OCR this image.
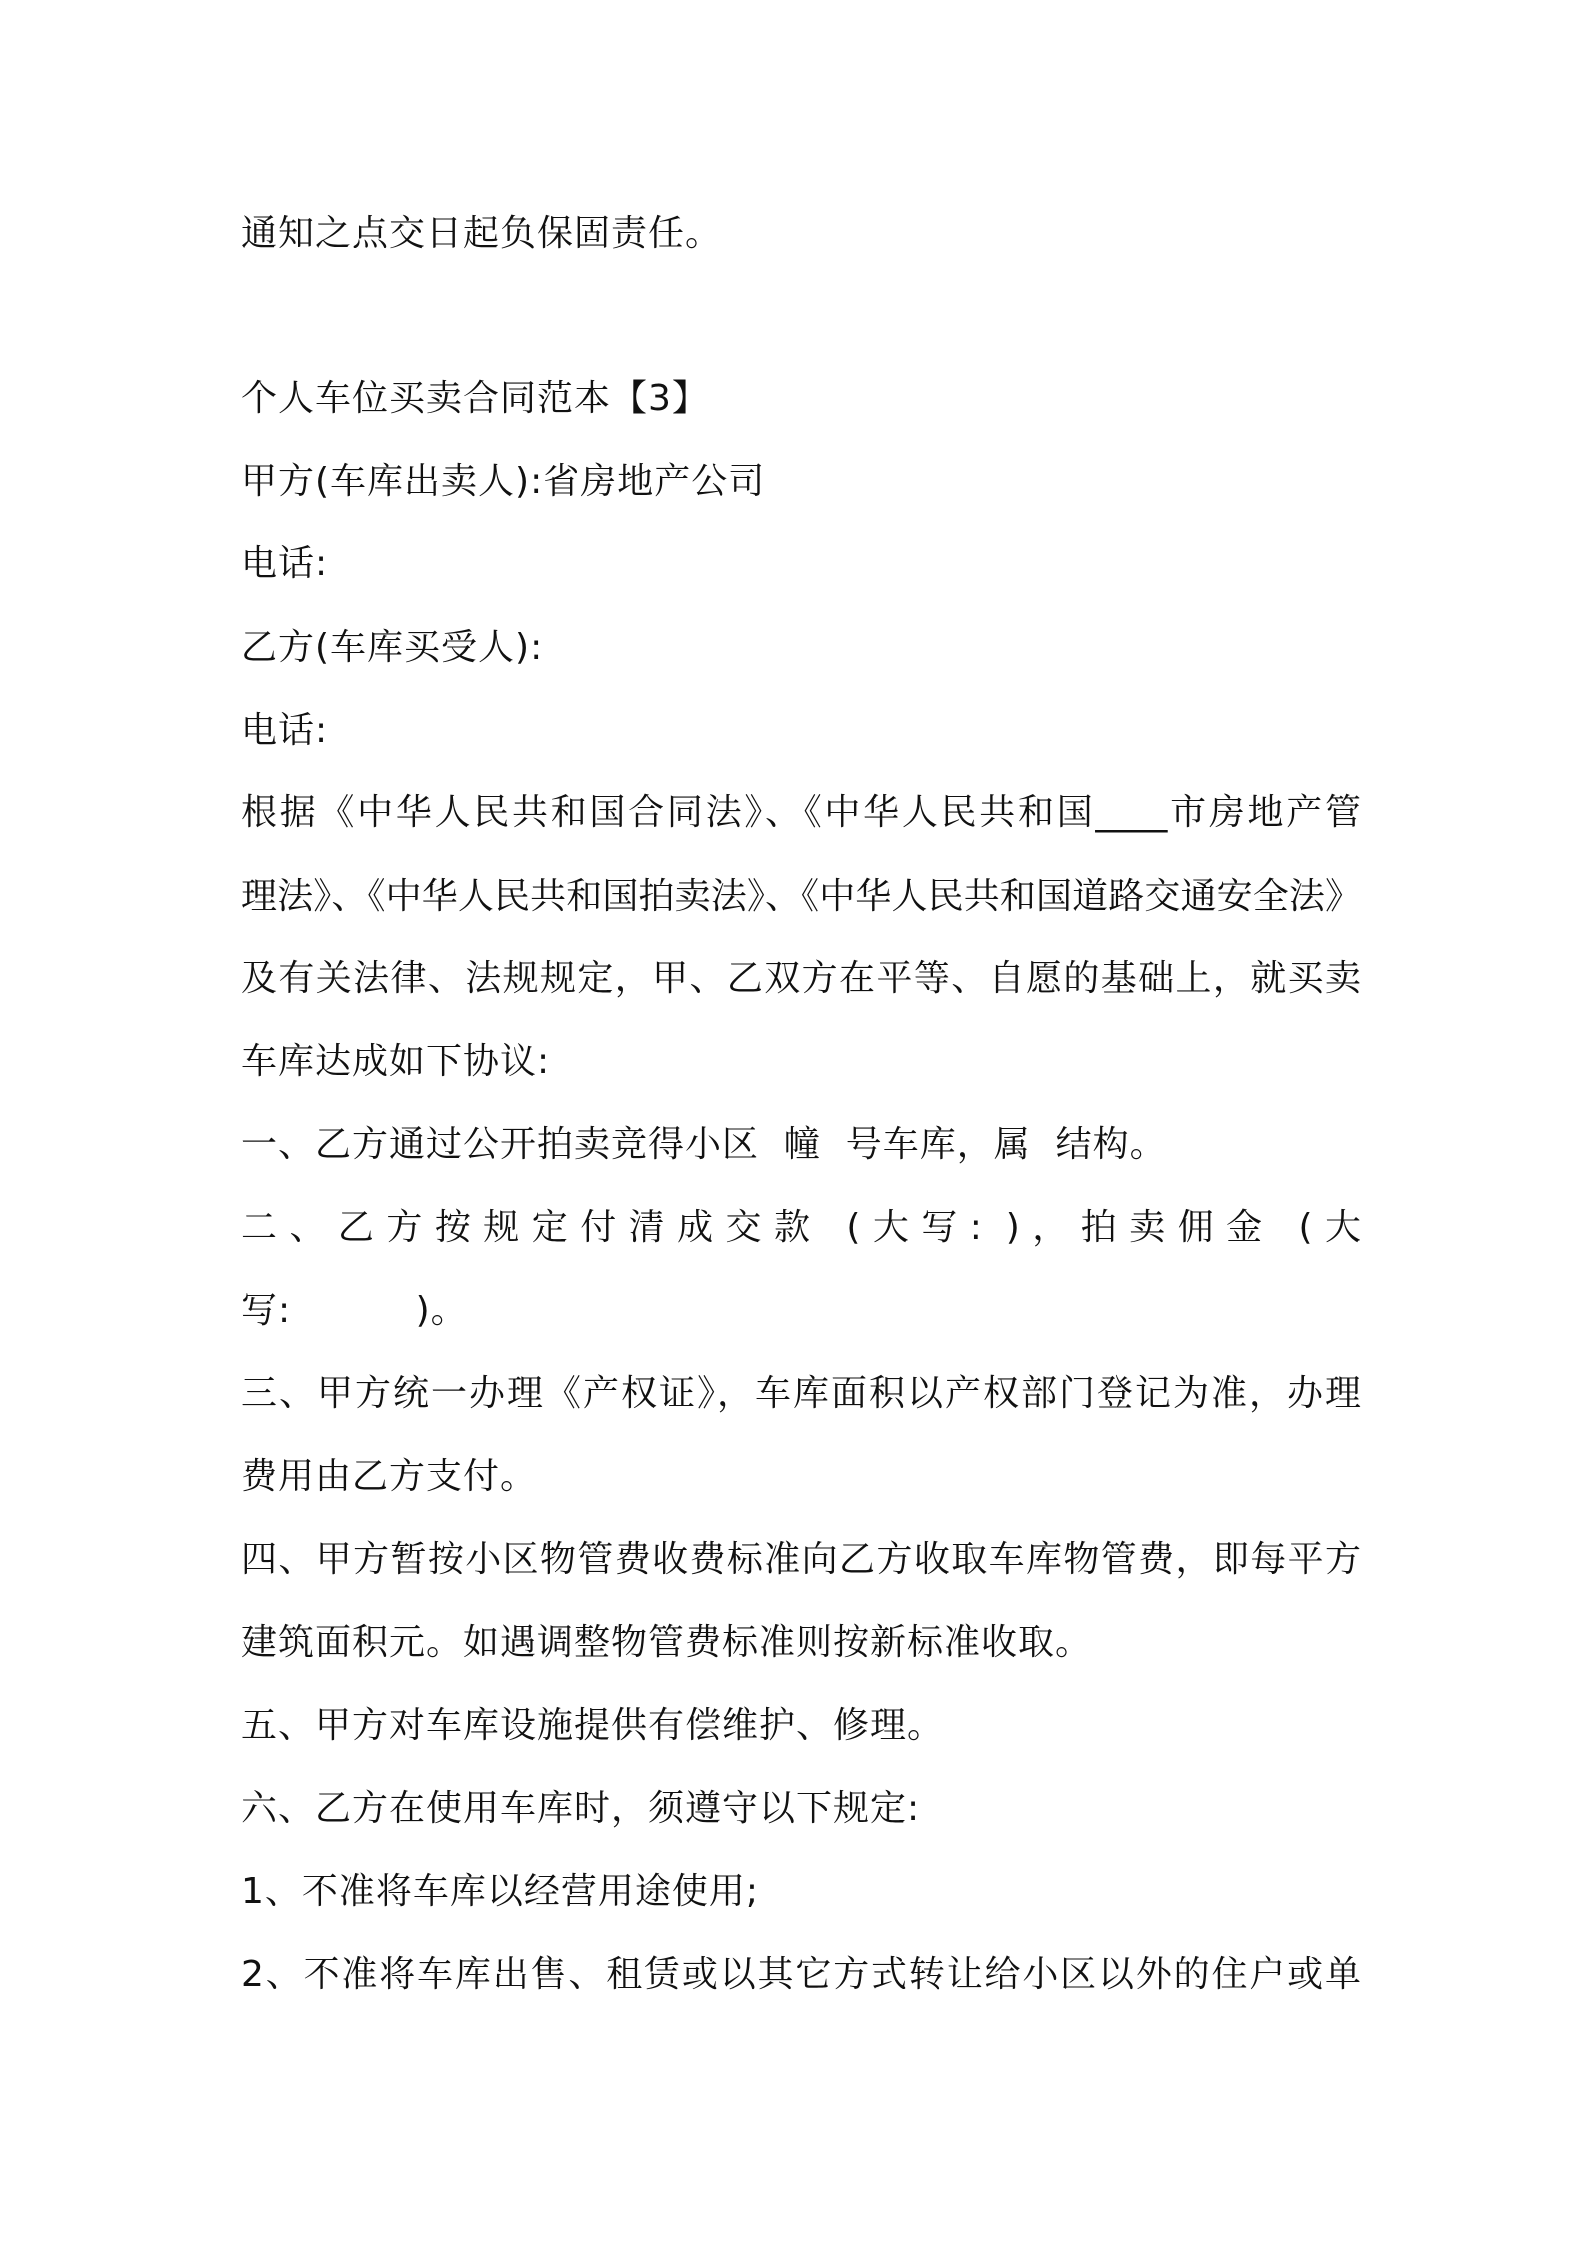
通知之点交日起负保固责任。
个人车位买卖合同范本【3】
甲方(车库出卖人):省房地产公司
电话:
乙方(车库买受人):
电话:
根据《中华人民共和国合同法》、《中华人民共和国____市房地产管
理法》、《中华人民共和国拍卖法》、《中华人民共和国道路交通安全法》
及有关法律、法规规定，甲、乙双方在平等、自愿的基础上，就买卖
车库达成如下协议:
一、乙方通过公开拍卖竞得小区  幢  号车库，属  结构。
二、乙方按规定付清成交款 (大写: )，拍卖佣金 (大
写:          )。
三、甲方统一办理《产权证》，车库面积以产权部门登记为准，办理
费用由乙方支付。
四、甲方暂按小区物管费收费标准向乙方收取车库物管费，即每平方
建筑面积元。如遇调整物管费标准则按新标准收取。
五、甲方对车库设施提供有偿维护、修理。
六、乙方在使用车库时，须遵守以下规定:
1、不准将车库以经营用途使用;
2、不准将车库出售、租赁或以其它方式转让给小区以外的住户或单
